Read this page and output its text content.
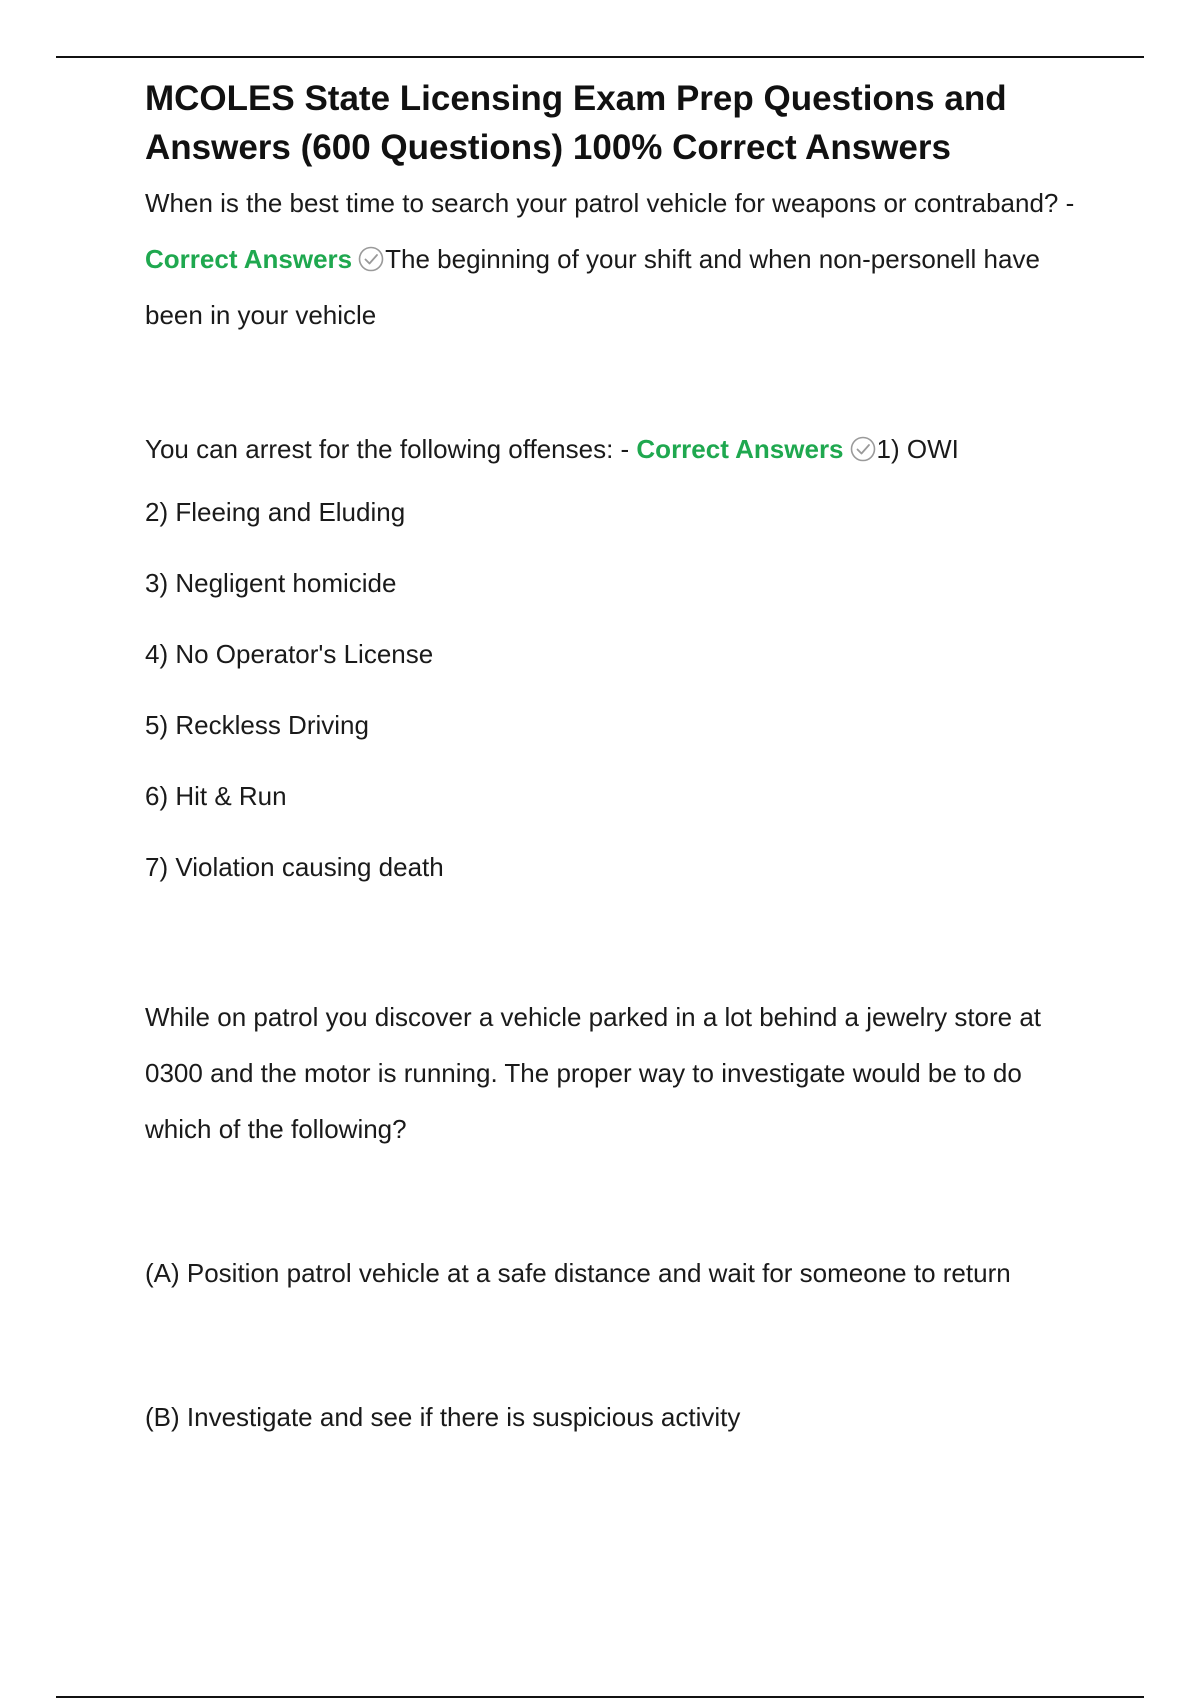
MCOLES State Licensing Exam Prep Questions and Answers (600 Questions) 100% Correct Answers

When is the best time to search your patrol vehicle for weapons or contraband? - Correct Answers The beginning of your shift and when non-personell have been in your vehicle

You can arrest for the following offenses: - Correct Answers 1) OWI

2) Fleeing and Eluding

3) Negligent homicide

4) No Operator's License

5) Reckless Driving

6) Hit & Run

7) Violation causing death

While on patrol you discover a vehicle parked in a lot behind a jewelry store at 0300 and the motor is running. The proper way to investigate would be to do which of the following?

(A) Position patrol vehicle at a safe distance and wait for someone to return

(B) Investigate and see if there is suspicious activity
